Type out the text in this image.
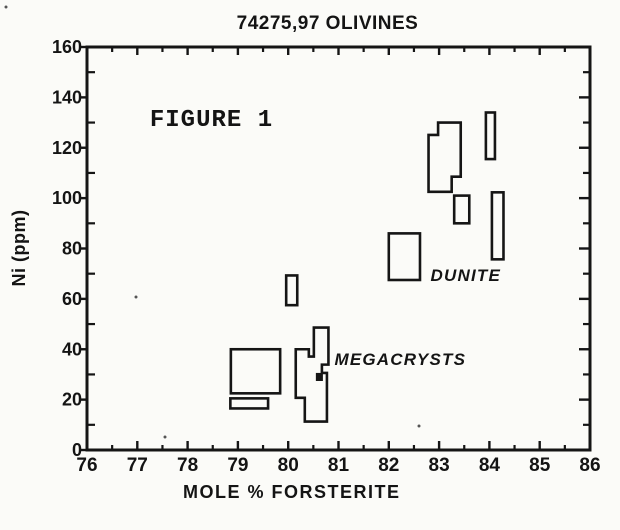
74275,97 OLIVINES
76 77 78 79 80 81 82 83 84 85 86
0
20
40
60
80
100
120
140
160
MOLE % FORSTERITE
Ni (ppm)
FIGURE 1
DUNITE
MEGACRYSTS
